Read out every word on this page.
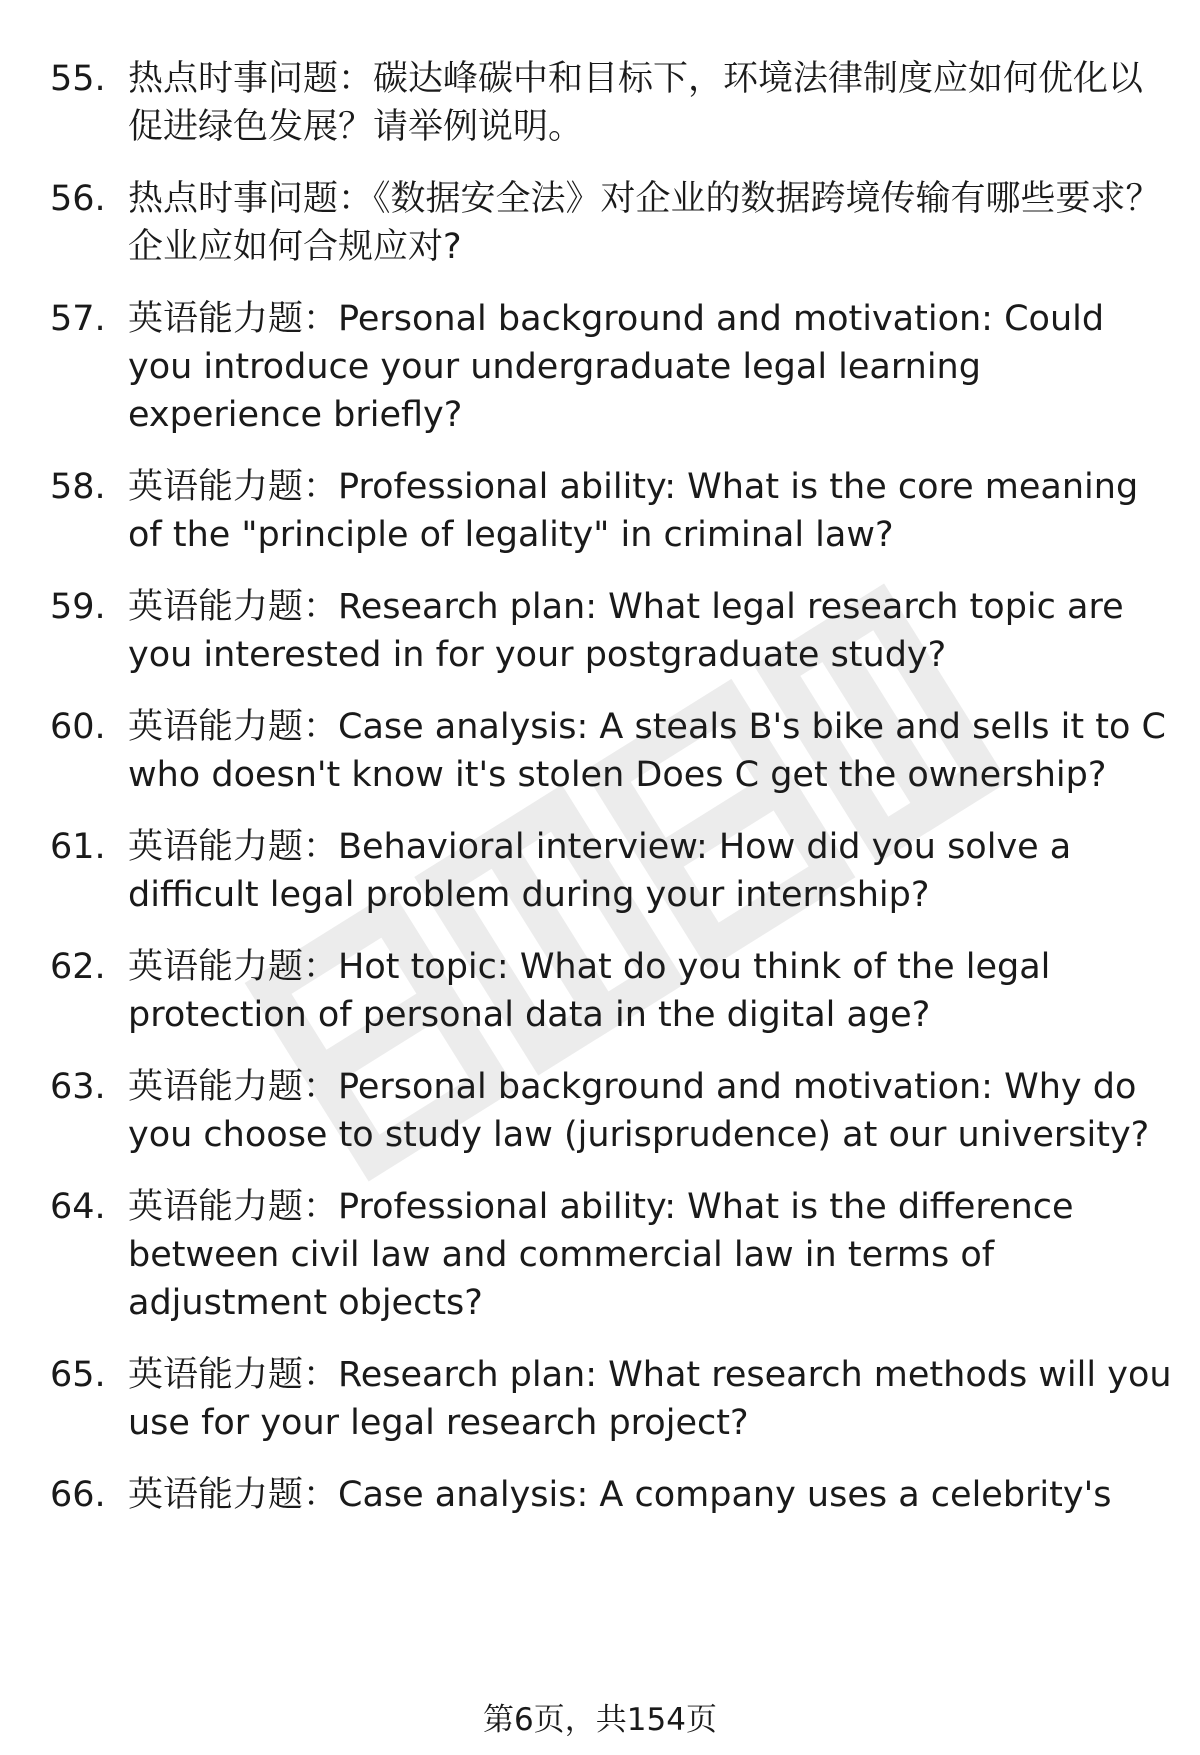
55. 热点时事问题：碳达峰碳中和目标下，环境法律制度应如何优化以促进绿色发展？请举例说明。
56. 热点时事问题：《数据安全法》对企业的数据跨境传输有哪些要求？企业应如何合规应对?
57. 英语能力题：Personal background and motivation: Could you introduce your undergraduate legal learning experience briefly?
58. 英语能力题：Professional ability: What is the core meaning of the "principle of legality" in criminal law?
59. 英语能力题：Research plan: What legal research topic are you interested in for your postgraduate study?
60. 英语能力题：Case analysis: A steals B's bike and sells it to C who doesn't know it's stolen Does C get the ownership?
61. 英语能力题：Behavioral interview: How did you solve a difficult legal problem during your internship?
62. 英语能力题：Hot topic: What do you think of the legal protection of personal data in the digital age?
63. 英语能力题：Personal background and motivation: Why do you choose to study law (jurisprudence) at our university?
64. 英语能力题：Professional ability: What is the difference between civil law and commercial law in terms of adjustment objects?
65. 英语能力题：Research plan: What research methods will you use for your legal research project?
66. 英语能力题：Case analysis: A company uses a celebrity's
第6页，共154页
